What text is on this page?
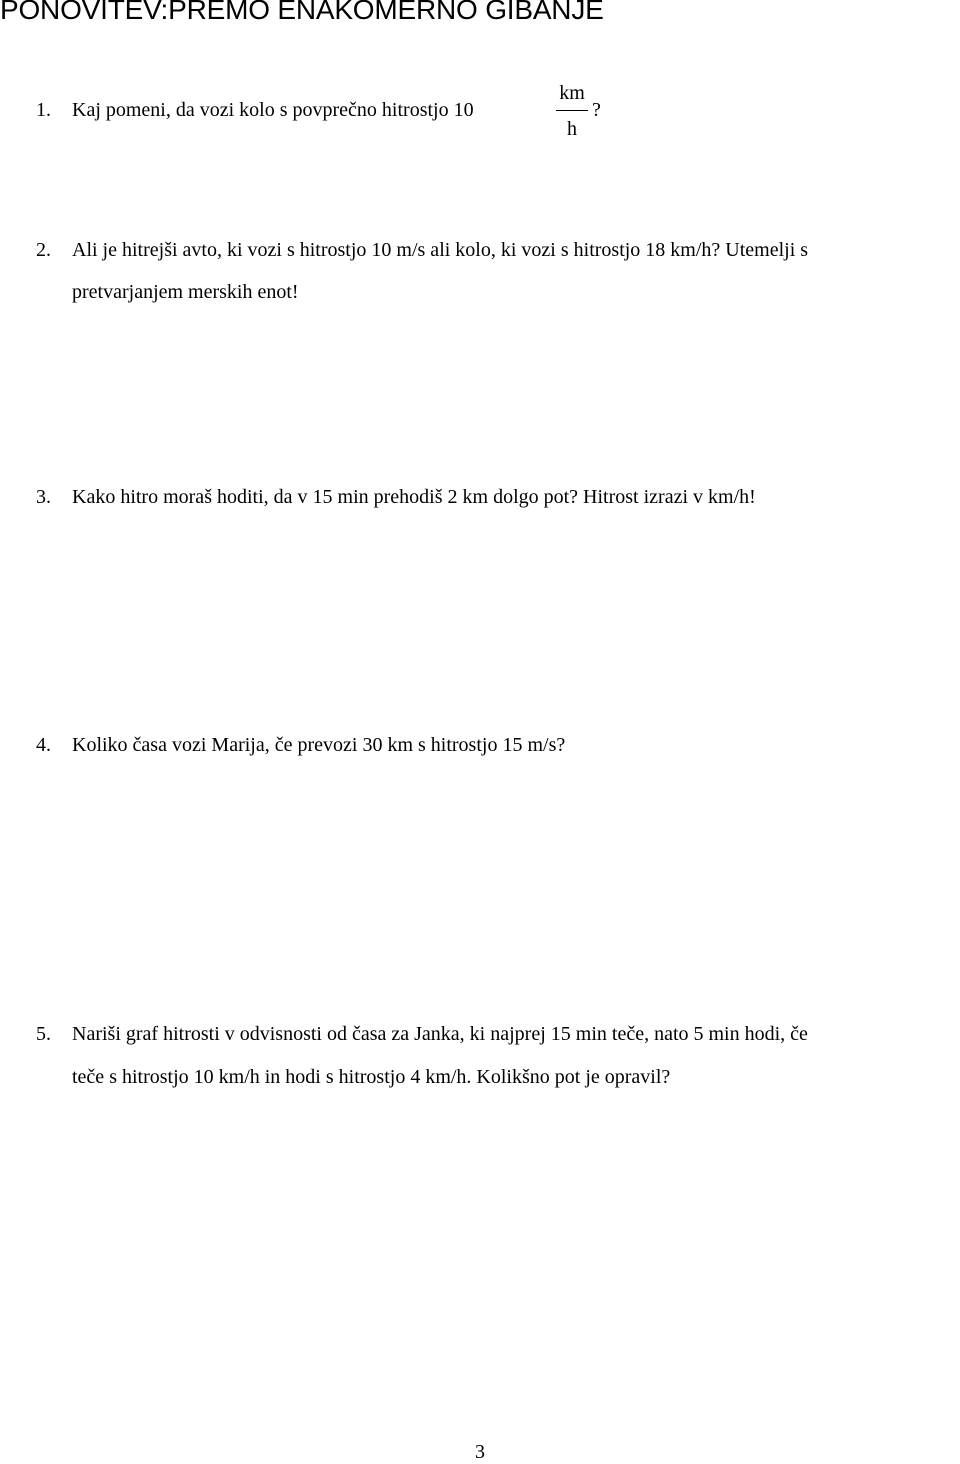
PONOVITEV:PREMO ENAKOMERNO GIBANJE
1. Kaj pomeni, da vozi kolo s povprečno hitrostjo 10
km
h
?
2. Ali je hitrejši avto, ki vozi s hitrostjo 10 m/s ali kolo, ki vozi s hitrostjo 18 km/h? Utemelji s
pretvarjanjem merskih enot!
3. Kako hitro moraš hoditi, da v 15 min prehodiš 2 km dolgo pot? Hitrost izrazi v km/h!
4. Koliko časa vozi Marija, če prevozi 30 km s hitrostjo 15 m/s?
5. Nariši graf hitrosti v odvisnosti od časa za Janka, ki najprej 15 min teče, nato 5 min hodi, če
teče s hitrostjo 10 km/h in hodi s hitrostjo 4 km/h. Kolikšno pot je opravil?
3
